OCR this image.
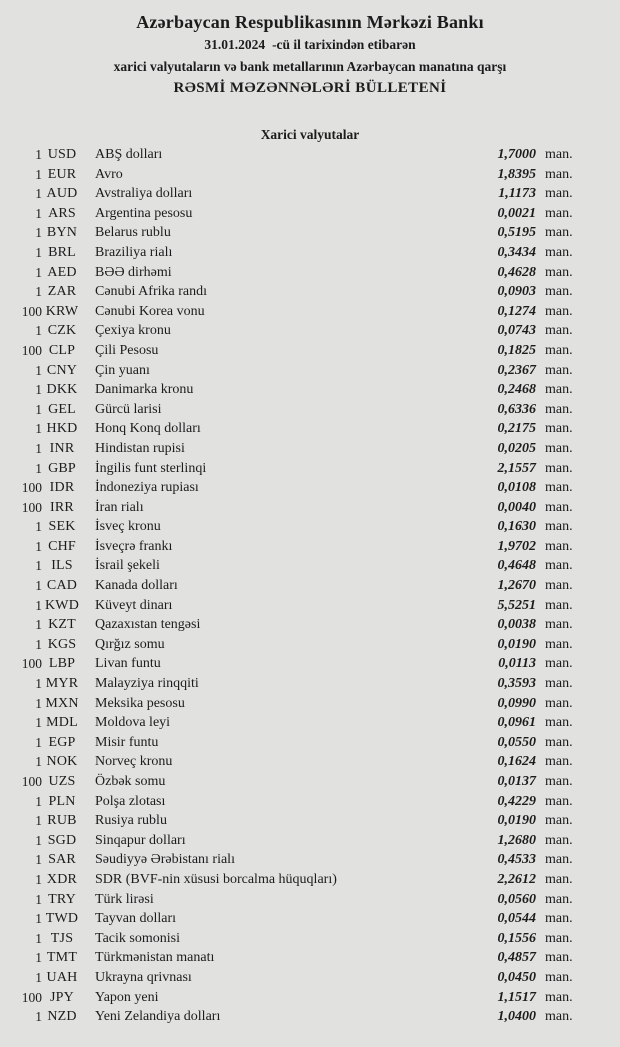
Azərbaycan Respublikasının Mərkəzi Bankı
31.01.2024 -cü il tarixindən etibarən
xarici valyutaların və bank metallarının Azərbaycan manatına qarşı
RƏSMİ MƏZƏNNƏLƏRİ BÜLLETENİ
Xarici valyutalar
1 USD	ABŞ dolları	1,7000 man.
1 EUR	Avro	1,8395 man.
1 AUD	Avstraliya dolları	1,1173 man.
1 ARS	Argentina pesosu	0,0021 man.
1 BYN	Belarus rublu	0,5195 man.
1 BRL	Braziliya rialı	0,3434 man.
1 AED	BƏƏ dirhəmi	0,4628 man.
1 ZAR	Cənubi Afrika randı	0,0903 man.
100 KRW	Cənubi Korea vonu	0,1274 man.
1 CZK	Çexiya kronu	0,0743 man.
100 CLP	Çili Pesosu	0,1825 man.
1 CNY	Çin yuanı	0,2367 man.
1 DKK	Danimarka kronu	0,2468 man.
1 GEL	Gürcü larisi	0,6336 man.
1 HKD	Honq Konq dolları	0,2175 man.
1 INR	Hindistan rupisi	0,0205 man.
1 GBP	İngilis funt sterlinqi	2,1557 man.
100 IDR	İndoneziya rupiası	0,0108 man.
100 IRR	İran rialı	0,0040 man.
1 SEK	İsveç kronu	0,1630 man.
1 CHF	İsveçrə frankı	1,9702 man.
1 ILS	İsrail şekeli	0,4648 man.
1 CAD	Kanada dolları	1,2670 man.
1 KWD	Küveyt dinarı	5,5251 man.
1 KZT	Qazaxıstan tengəsi	0,0038 man.
1 KGS	Qırğız somu	0,0190 man.
100 LBP	Livan funtu	0,0113 man.
1 MYR	Malayziya rinqqiti	0,3593 man.
1 MXN	Meksika pesosu	0,0990 man.
1 MDL	Moldova leyi	0,0961 man.
1 EGP	Misir funtu	0,0550 man.
1 NOK	Norveç kronu	0,1624 man.
100 UZS	Özbək somu	0,0137 man.
1 PLN	Polşa zlotası	0,4229 man.
1 RUB	Rusiya rublu	0,0190 man.
1 SGD	Sinqapur dolları	1,2680 man.
1 SAR	Səudiyyə Ərəbistanı rialı	0,4533 man.
1 XDR	SDR (BVF-nin xüsusi borcalma hüquqları)	2,2612 man.
1 TRY	Türk lirəsi	0,0560 man.
1 TWD	Tayvan dolları	0,0544 man.
1 TJS	Tacik somonisi	0,1556 man.
1 TMT	Türkmənistan manatı	0,4857 man.
1 UAH	Ukrayna qrivnası	0,0450 man.
100 JPY	Yapon yeni	1,1517 man.
1 NZD	Yeni Zelandiya dolları	1,0400 man.
